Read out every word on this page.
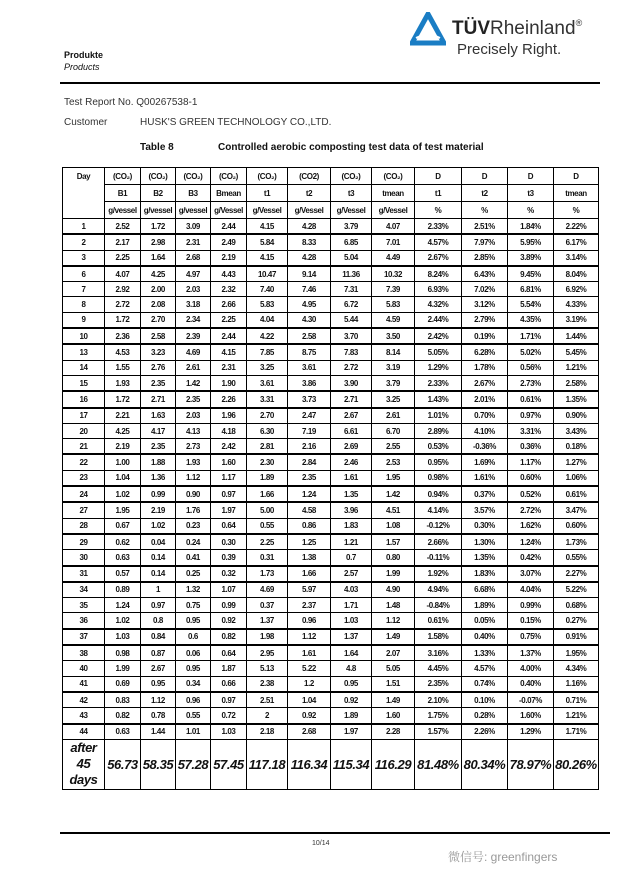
TÜVRheinland®
Precisely Right.
Produkte
Products
Test Report No. Q00267538-1
Customer	HUSK'S GREEN TECHNOLOGY CO.,LTD.
Table 8	Controlled aerobic composting test data of test material
Day	(CO₂)	(CO₂)	(CO₂)	(CO₂)	(CO₂)	(CO2)	(CO₂)	(CO₂)	D	D	D	D
	B1	B2	B3	Bmean	t1	t2	t3	tmean	t1	t2	t3	tmean
	g/vessel	g/vessel	g/vessel	g/Vessel	g/Vessel	g/Vessel	g/Vessel	g/Vessel	%	%	%	%
1	2.52	1.72	3.09	2.44	4.15	4.28	3.79	4.07	2.33%	2.51%	1.84%	2.22%
2	2.17	2.98	2.31	2.49	5.84	8.33	6.85	7.01	4.57%	7.97%	5.95%	6.17%
3	2.25	1.64	2.68	2.19	4.15	4.28	5.04	4.49	2.67%	2.85%	3.89%	3.14%
6	4.07	4.25	4.97	4.43	10.47	9.14	11.36	10.32	8.24%	6.43%	9.45%	8.04%
7	2.92	2.00	2.03	2.32	7.40	7.46	7.31	7.39	6.93%	7.02%	6.81%	6.92%
8	2.72	2.08	3.18	2.66	5.83	4.95	6.72	5.83	4.32%	3.12%	5.54%	4.33%
9	1.72	2.70	2.34	2.25	4.04	4.30	5.44	4.59	2.44%	2.79%	4.35%	3.19%
10	2.36	2.58	2.39	2.44	4.22	2.58	3.70	3.50	2.42%	0.19%	1.71%	1.44%
13	4.53	3.23	4.69	4.15	7.85	8.75	7.83	8.14	5.05%	6.28%	5.02%	5.45%
14	1.55	2.76	2.61	2.31	3.25	3.61	2.72	3.19	1.29%	1.78%	0.56%	1.21%
15	1.93	2.35	1.42	1.90	3.61	3.86	3.90	3.79	2.33%	2.67%	2.73%	2.58%
16	1.72	2.71	2.35	2.26	3.31	3.73	2.71	3.25	1.43%	2.01%	0.61%	1.35%
17	2.21	1.63	2.03	1.96	2.70	2.47	2.67	2.61	1.01%	0.70%	0.97%	0.90%
20	4.25	4.17	4.13	4.18	6.30	7.19	6.61	6.70	2.89%	4.10%	3.31%	3.43%
21	2.19	2.35	2.73	2.42	2.81	2.16	2.69	2.55	0.53%	-0.36%	0.36%	0.18%
22	1.00	1.88	1.93	1.60	2.30	2.84	2.46	2.53	0.95%	1.69%	1.17%	1.27%
23	1.04	1.36	1.12	1.17	1.89	2.35	1.61	1.95	0.98%	1.61%	0.60%	1.06%
24	1.02	0.99	0.90	0.97	1.66	1.24	1.35	1.42	0.94%	0.37%	0.52%	0.61%
27	1.95	2.19	1.76	1.97	5.00	4.58	3.96	4.51	4.14%	3.57%	2.72%	3.47%
28	0.67	1.02	0.23	0.64	0.55	0.86	1.83	1.08	-0.12%	0.30%	1.62%	0.60%
29	0.62	0.04	0.24	0.30	2.25	1.25	1.21	1.57	2.66%	1.30%	1.24%	1.73%
30	0.63	0.14	0.41	0.39	0.31	1.38	0.7	0.80	-0.11%	1.35%	0.42%	0.55%
31	0.57	0.14	0.25	0.32	1.73	1.66	2.57	1.99	1.92%	1.83%	3.07%	2.27%
34	0.89	1	1.32	1.07	4.69	5.97	4.03	4.90	4.94%	6.68%	4.04%	5.22%
35	1.24	0.97	0.75	0.99	0.37	2.37	1.71	1.48	-0.84%	1.89%	0.99%	0.68%
36	1.02	0.8	0.95	0.92	1.37	0.96	1.03	1.12	0.61%	0.05%	0.15%	0.27%
37	1.03	0.84	0.6	0.82	1.98	1.12	1.37	1.49	1.58%	0.40%	0.75%	0.91%
38	0.98	0.87	0.06	0.64	2.95	1.61	1.64	2.07	3.16%	1.33%	1.37%	1.95%
40	1.99	2.67	0.95	1.87	5.13	5.22	4.8	5.05	4.45%	4.57%	4.00%	4.34%
41	0.69	0.95	0.34	0.66	2.38	1.2	0.95	1.51	2.35%	0.74%	0.40%	1.16%
42	0.83	1.12	0.96	0.97	2.51	1.04	0.92	1.49	2.10%	0.10%	-0.07%	0.71%
43	0.82	0.78	0.55	0.72	2	0.92	1.89	1.60	1.75%	0.28%	1.60%	1.21%
44	0.63	1.44	1.01	1.03	2.18	2.68	1.97	2.28	1.57%	2.26%	1.29%	1.71%
after 45 days	56.73	58.35	57.28	57.45	117.18	116.34	115.34	116.29	81.48%	80.34%	78.97%	80.26%
10/14
微信号: greenfingers
